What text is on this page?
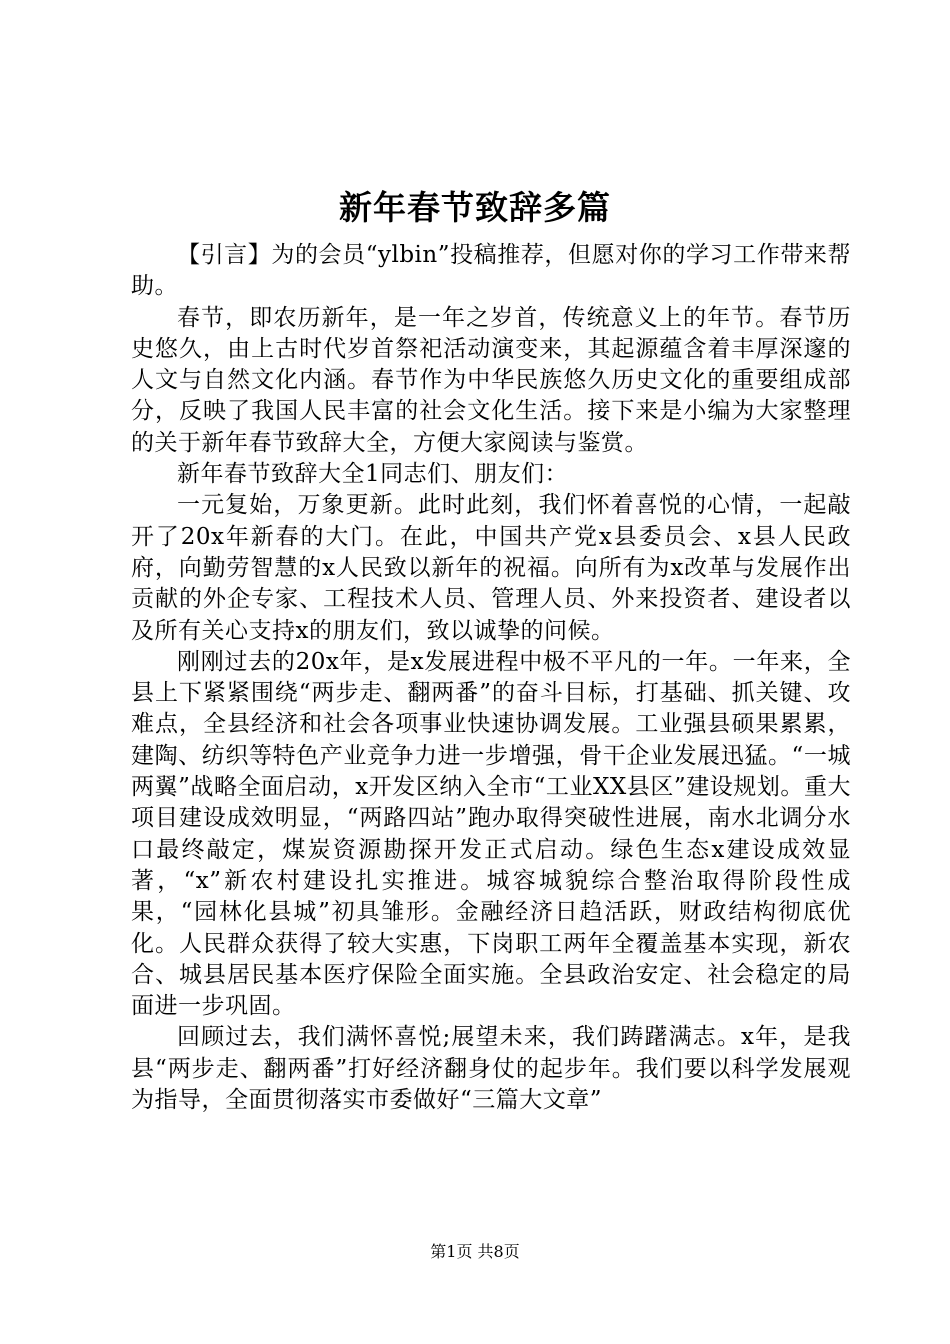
新年春节致辞多篇

【引言】为的会员“ylbin”投稿推荐，但愿对你的学习工作带来帮助。

春节，即农历新年，是一年之岁首，传统意义上的年节。春节历史悠久，由上古时代岁首祭祀活动演变来，其起源蕴含着丰厚深邃的人文与自然文化内涵。春节作为中华民族悠久历史文化的重要组成部分，反映了我国人民丰富的社会文化生活。接下来是小编为大家整理的关于新年春节致辞大全，方便大家阅读与鉴赏。

新年春节致辞大全1同志们、朋友们：

一元复始，万象更新。此时此刻，我们怀着喜悦的心情，一起敲开了20x年新春的大门。在此，中国共产党x县委员会、x县人民政府，向勤劳智慧的x人民致以新年的祝福。向所有为x改革与发展作出贡献的外企专家、工程技术人员、管理人员、外来投资者、建设者以及所有关心支持x的朋友们，致以诚挚的问候。

刚刚过去的20x年，是x发展进程中极不平凡的一年。一年来，全县上下紧紧围绕“两步走、翻两番”的奋斗目标，打基础、抓关键、攻难点，全县经济和社会各项事业快速协调发展。工业强县硕果累累，建陶、纺织等特色产业竞争力进一步增强，骨干企业发展迅猛。“一城两翼”战略全面启动，x开发区纳入全市“工业XX县区”建设规划。重大项目建设成效明显，“两路四站”跑办取得突破性进展，南水北调分水口最终敲定，煤炭资源勘探开发正式启动。绿色生态x建设成效显著，“x”新农村建设扎实推进。城容城貌综合整治取得阶段性成果，“园林化县城”初具雏形。金融经济日趋活跃，财政结构彻底优化。人民群众获得了较大实惠，下岗职工两年全覆盖基本实现，新农合、城县居民基本医疗保险全面实施。全县政治安定、社会稳定的局面进一步巩固。

回顾过去，我们满怀喜悦;展望未来，我们踌躇满志。x年，是我县“两步走、翻两番”打好经济翻身仗的起步年。我们要以科学发展观为指导，全面贯彻落实市委做好“三篇大文章”

第1页 共8页
